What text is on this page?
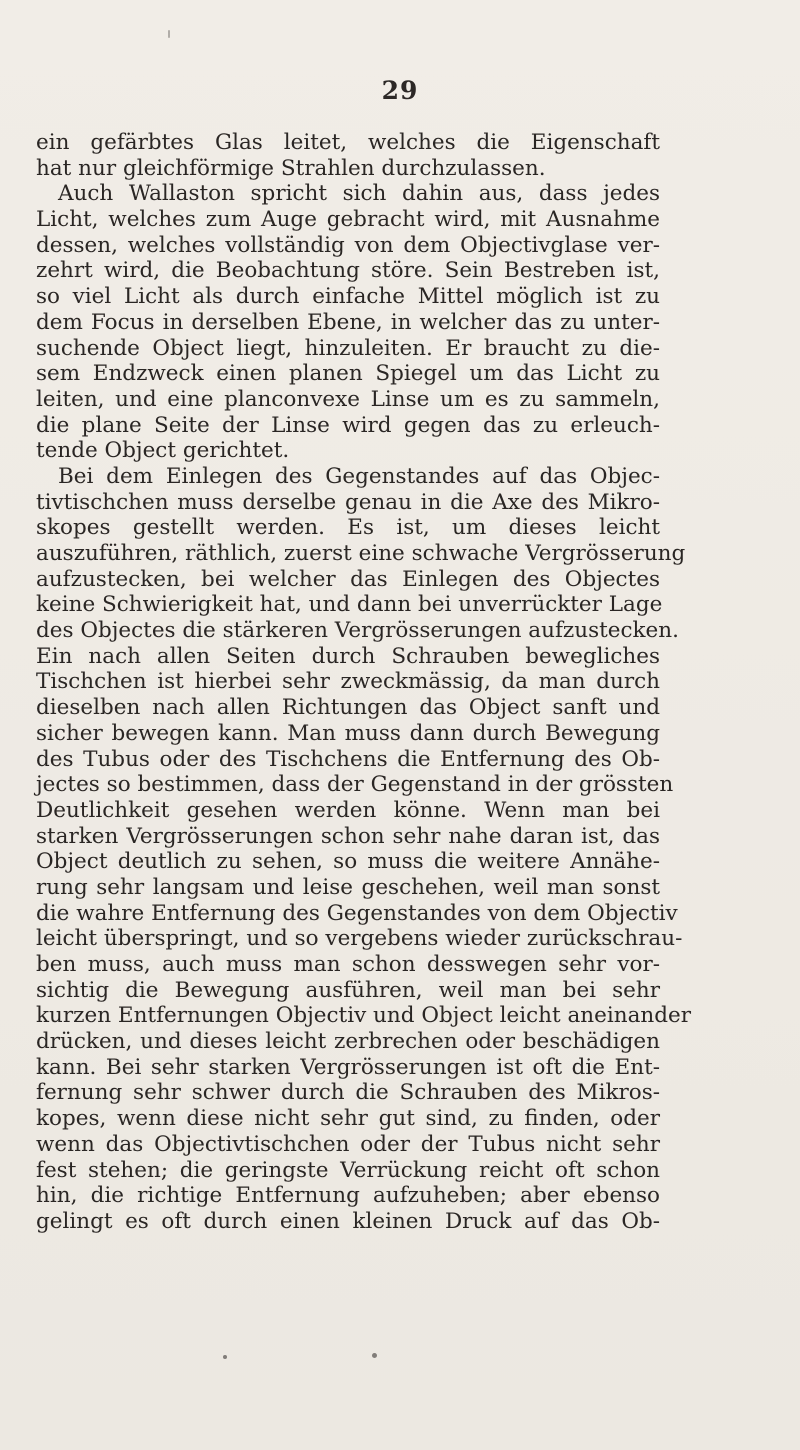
29
ein gefärbtes Glas leitet, welches die Eigenschaft
hat nur gleichförmige Strahlen durchzulassen.
Auch Wallaston spricht sich dahin aus, dass jedes
Licht, welches zum Auge gebracht wird, mit Ausnahme
dessen, welches vollständig von dem Objectivglase ver-
zehrt wird, die Beobachtung störe. Sein Bestreben ist,
so viel Licht als durch einfache Mittel möglich ist zu
dem Focus in derselben Ebene, in welcher das zu unter-
suchende Object liegt, hinzuleiten. Er braucht zu die-
sem Endzweck einen planen Spiegel um das Licht zu
leiten, und eine planconvexe Linse um es zu sammeln,
die plane Seite der Linse wird gegen das zu erleuch-
tende Object gerichtet.
Bei dem Einlegen des Gegenstandes auf das Objec-
tivtischchen muss derselbe genau in die Axe des Mikro-
skopes gestellt werden. Es ist, um dieses leicht
auszuführen, räthlich, zuerst eine schwache Vergrösserung
aufzustecken, bei welcher das Einlegen des Objectes
keine Schwierigkeit hat, und dann bei unverrückter Lage
des Objectes die stärkeren Vergrösserungen aufzustecken.
Ein nach allen Seiten durch Schrauben bewegliches
Tischchen ist hierbei sehr zweckmässig, da man durch
dieselben nach allen Richtungen das Object sanft und
sicher bewegen kann. Man muss dann durch Bewegung
des Tubus oder des Tischchens die Entfernung des Ob-
jectes so bestimmen, dass der Gegenstand in der grössten
Deutlichkeit gesehen werden könne. Wenn man bei
starken Vergrösserungen schon sehr nahe daran ist, das
Object deutlich zu sehen, so muss die weitere Annähe-
rung sehr langsam und leise geschehen, weil man sonst
die wahre Entfernung des Gegenstandes von dem Objectiv
leicht überspringt, und so vergebens wieder zurückschrau-
ben muss, auch muss man schon desswegen sehr vor-
sichtig die Bewegung ausführen, weil man bei sehr
kurzen Entfernungen Objectiv und Object leicht aneinander
drücken, und dieses leicht zerbrechen oder beschädigen
kann. Bei sehr starken Vergrösserungen ist oft die Ent-
fernung sehr schwer durch die Schrauben des Mikros-
kopes, wenn diese nicht sehr gut sind, zu finden, oder
wenn das Objectivtischchen oder der Tubus nicht sehr
fest stehen; die geringste Verrückung reicht oft schon
hin, die richtige Entfernung aufzuheben; aber ebenso
gelingt es oft durch einen kleinen Druck auf das Ob-
